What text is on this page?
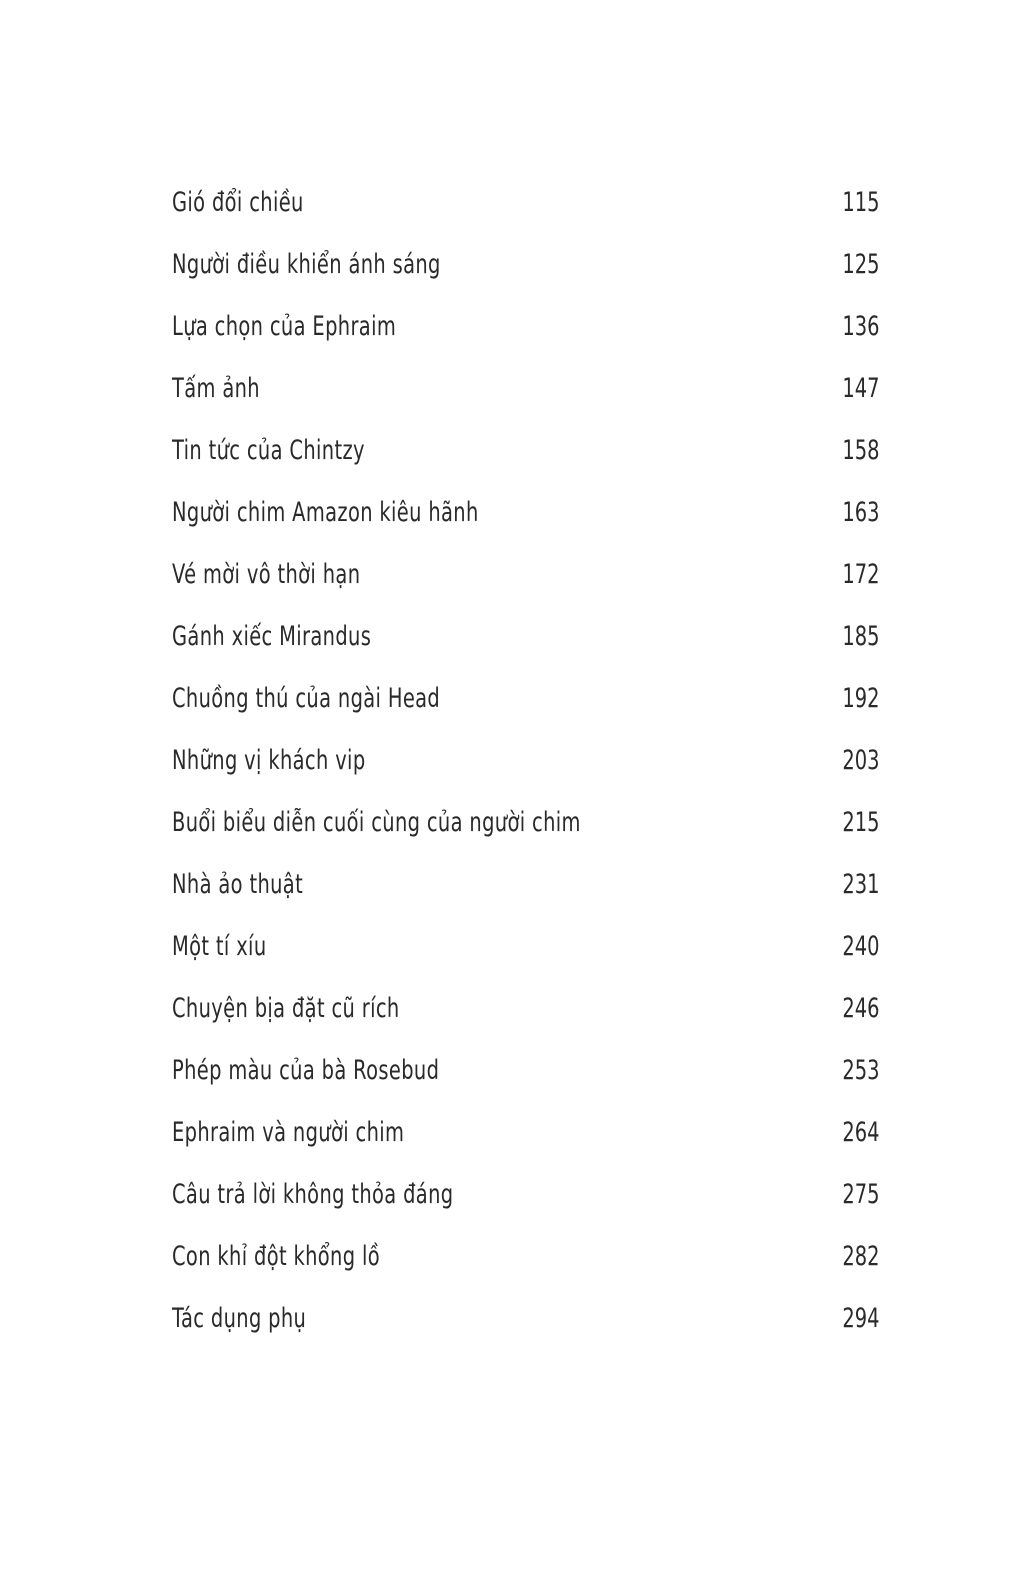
Gió đổi chiều	115
Người điều khiển ánh sáng	125
Lựa chọn của Ephraim	136
Tấm ảnh	147
Tin tức của Chintzy	158
Người chim Amazon kiêu hãnh	163
Vé mời vô thời hạn	172
Gánh xiếc Mirandus	185
Chuồng thú của ngài Head	192
Những vị khách vip	203
Buổi biểu diễn cuối cùng của người chim	215
Nhà ảo thuật	231
Một tí xíu	240
Chuyện bịa đặt cũ rích	246
Phép màu của bà Rosebud	253
Ephraim và người chim	264
Câu trả lời không thỏa đáng	275
Con khỉ đột khổng lồ	282
Tác dụng phụ	294
